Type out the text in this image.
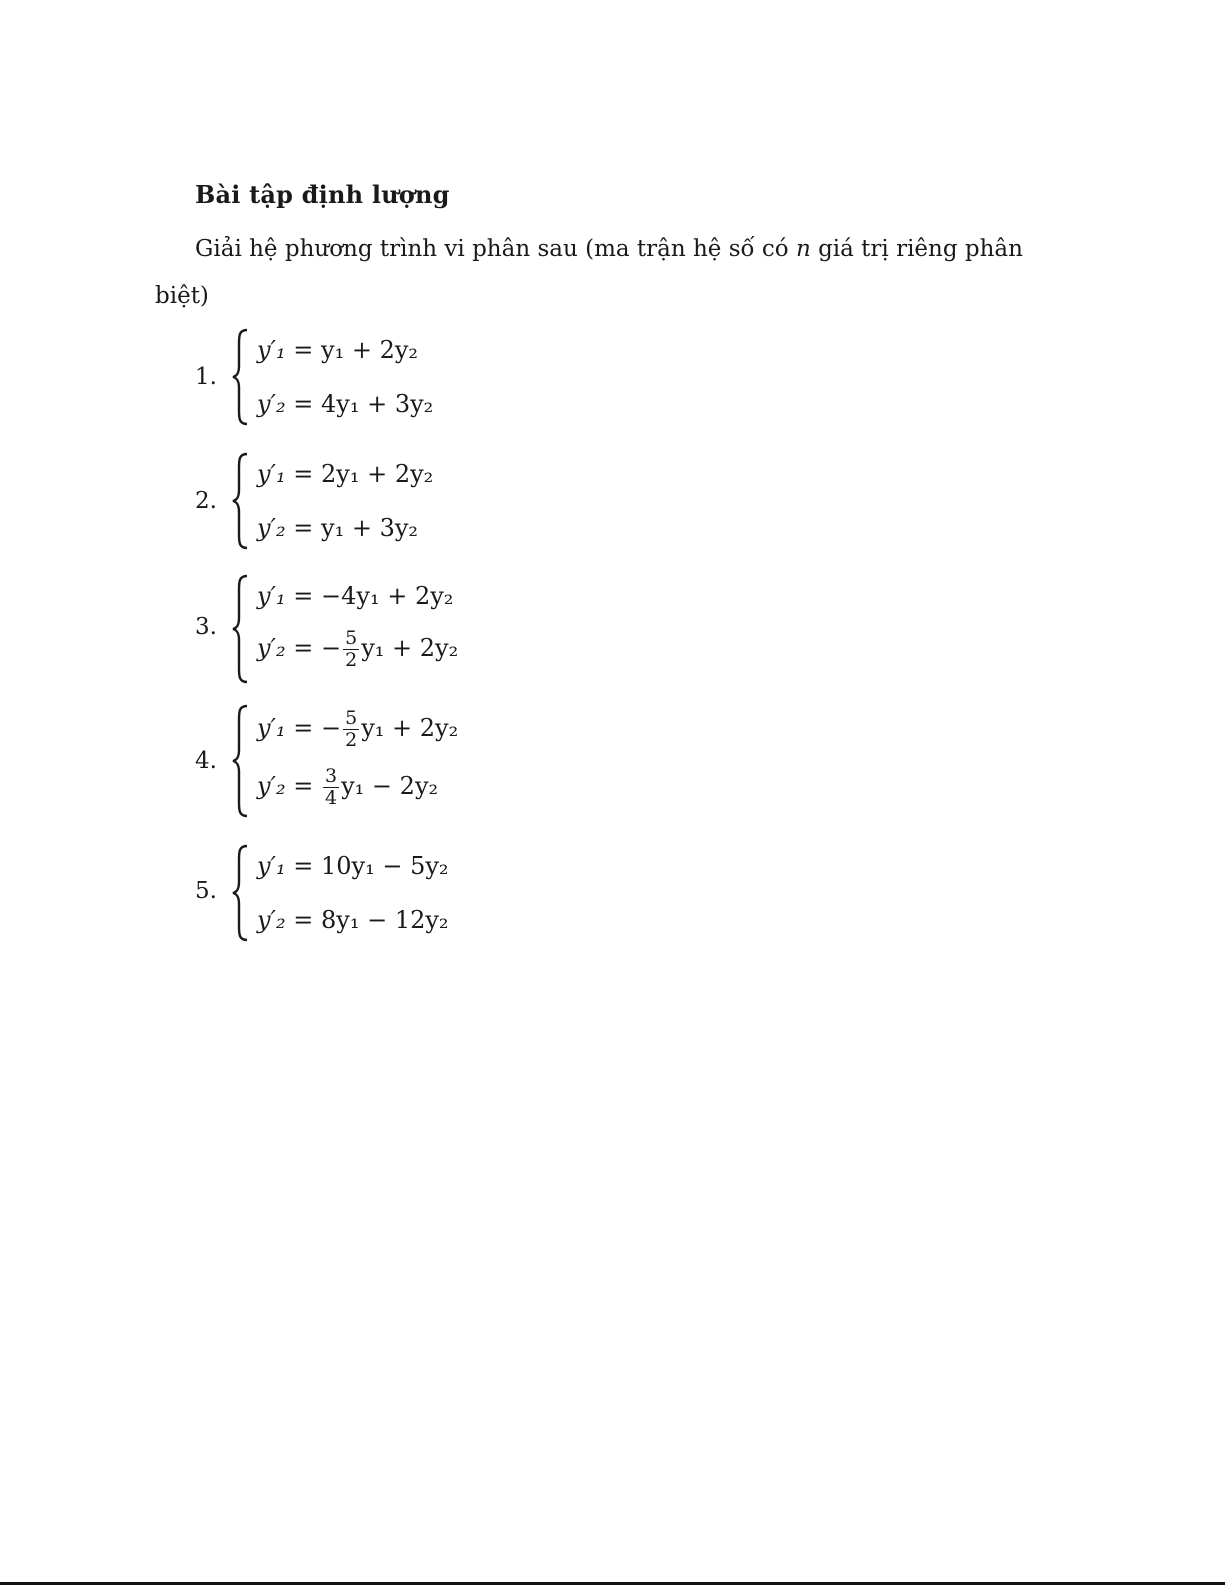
Bài tập định lượng
Giải hệ phương trình vi phân sau (ma trận hệ số có n giá trị riêng phân biệt)
1.
y′₁ = y₁ + 2y₂
y′₂ = 4y₁ + 3y₂
2.
y′₁ = 2y₁ + 2y₂
y′₂ = y₁ + 3y₂
3.
y′₁ = −4y₁ + 2y₂
y′₂ = − $\frac{5}{2} y_1 + 2y_2$
4.
y′₁ = − $\frac{5}{2} y_1 + 2y_2$
$y'_2 = \frac{3}{4} y_1 - 2y_2$
5.
y′₁ = 10y₁ − 5y₂
y′₂ = 8y₁ − 12y₂
